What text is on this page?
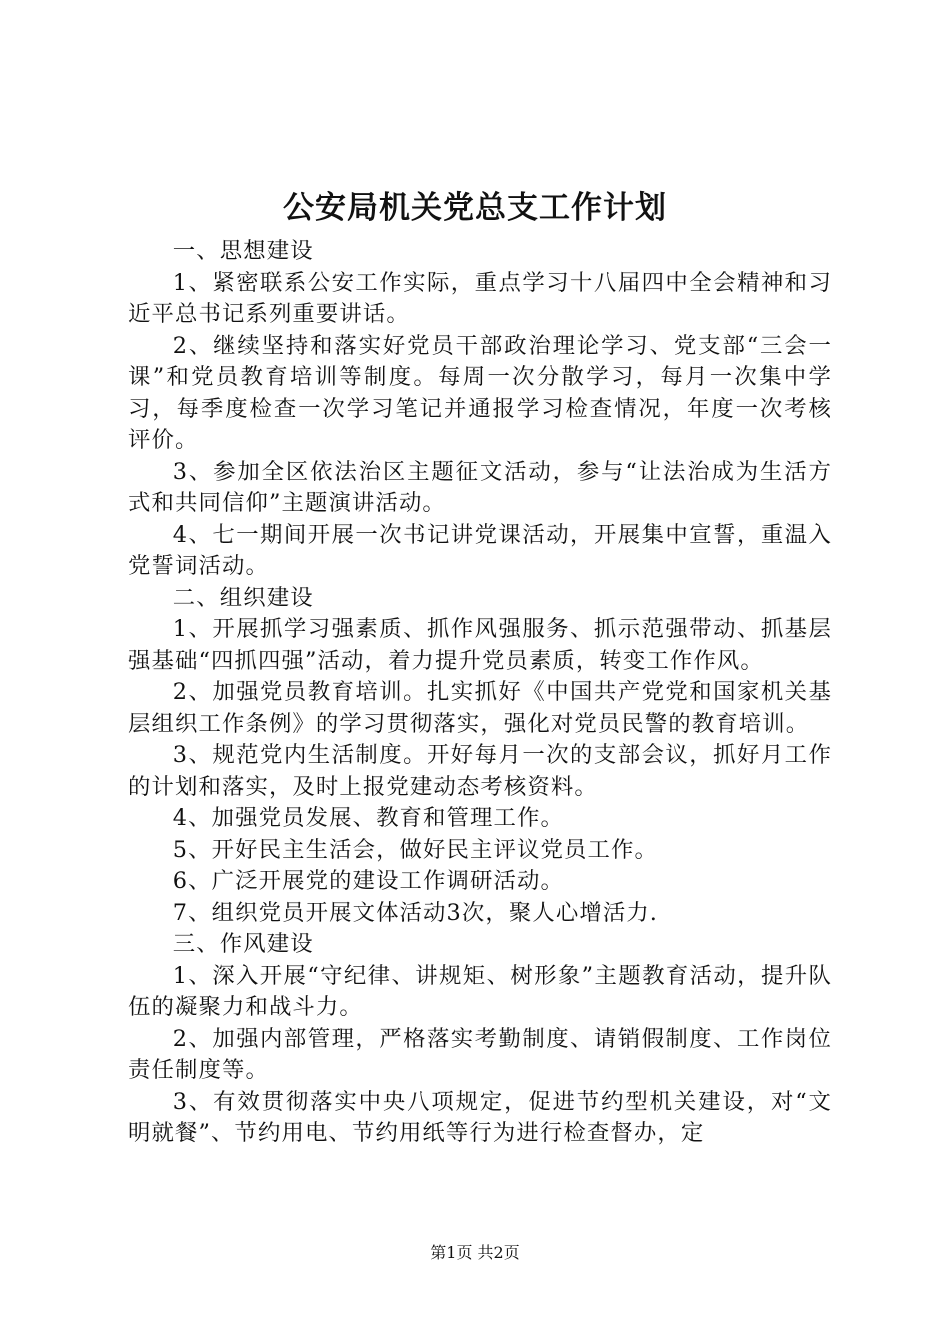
公安局机关党总支工作计划

一、思想建设

1、紧密联系公安工作实际，重点学习十八届四中全会精神和习近平总书记系列重要讲话。

2、继续坚持和落实好党员干部政治理论学习、党支部“三会一课”和党员教育培训等制度。每周一次分散学习，每月一次集中学习，每季度检查一次学习笔记并通报学习检查情况，年度一次考核评价。

3、参加全区依法治区主题征文活动，参与“让法治成为生活方式和共同信仰”主题演讲活动。

4、七一期间开展一次书记讲党课活动，开展集中宣誓，重温入党誓词活动。

二、组织建设

1、开展抓学习强素质、抓作风强服务、抓示范强带动、抓基层强基础“四抓四强”活动，着力提升党员素质，转变工作作风。

2、加强党员教育培训。扎实抓好《中国共产党党和国家机关基层组织工作条例》的学习贯彻落实，强化对党员民警的教育培训。

3、规范党内生活制度。开好每月一次的支部会议，抓好月工作的计划和落实，及时上报党建动态考核资料。

4、加强党员发展、教育和管理工作。

5、开好民主生活会，做好民主评议党员工作。

6、广泛开展党的建设工作调研活动。

7、组织党员开展文体活动3次，聚人心增活力.

三、作风建设

1、深入开展“守纪律、讲规矩、树形象”主题教育活动，提升队伍的凝聚力和战斗力。

2、加强内部管理，严格落实考勤制度、请销假制度、工作岗位责任制度等。

3、有效贯彻落实中央八项规定，促进节约型机关建设，对“文明就餐”、节约用电、节约用纸等行为进行检查督办，定

第1页 共2页
